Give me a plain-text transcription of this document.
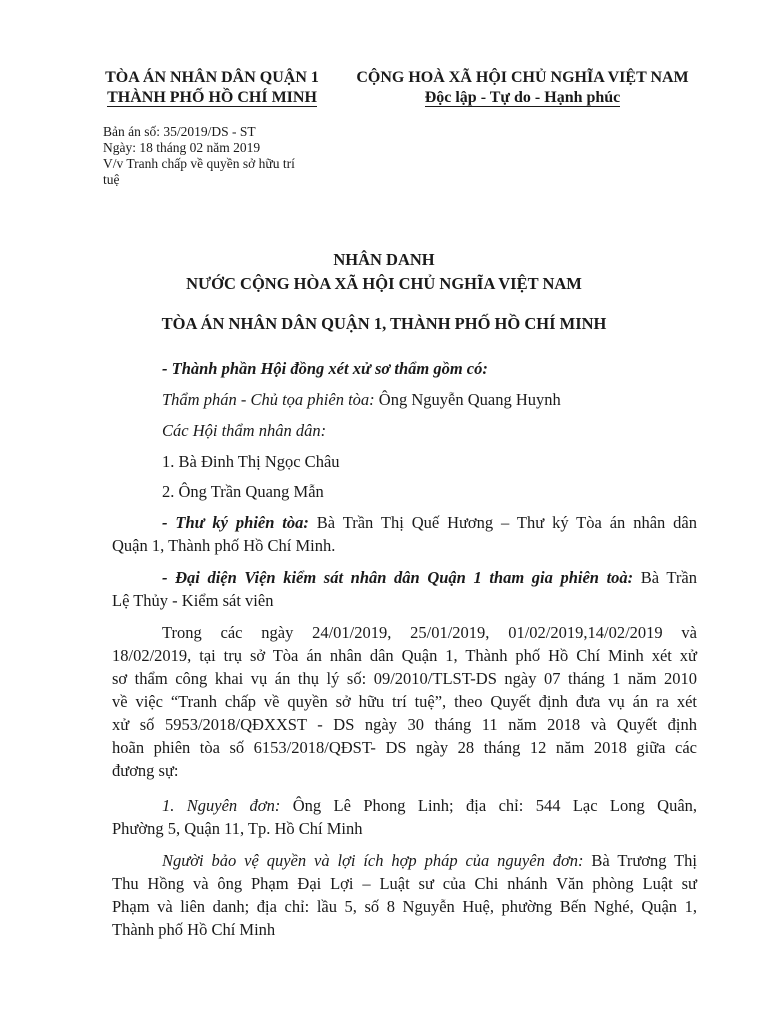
TÒA ÁN NHÂN DÂN QUẬN 1
THÀNH PHỐ HỒ CHÍ MINH
CỘNG HOÀ XÃ HỘI CHỦ NGHĨA VIỆT NAM
Độc lập - Tự do - Hạnh phúc
Bản án số: 35/2019/DS - ST
Ngày: 18 tháng 02 năm 2019
V/v Tranh chấp về quyền sở hữu trí
tuệ
NHÂN DANH
NƯỚC CỘNG HÒA XÃ HỘI CHỦ NGHĨA VIỆT NAM
TÒA ÁN NHÂN DÂN QUẬN 1, THÀNH PHỐ HỒ CHÍ MINH
- Thành phần Hội đồng xét xử sơ thẩm gồm có:
Thẩm phán - Chủ tọa phiên tòa: Ông Nguyễn Quang Huynh
Các Hội thẩm nhân dân:
1. Bà Đinh Thị Ngọc Châu
2. Ông Trần Quang Mẫn
- Thư ký phiên tòa: Bà Trần Thị Quế Hương – Thư ký Tòa án nhân dân
Quận 1, Thành phố Hồ Chí Minh.
- Đại diện Viện kiểm sát nhân dân Quận 1 tham gia phiên toà: Bà Trần
Lệ Thủy - Kiểm sát viên
Trong các ngày 24/01/2019, 25/01/2019, 01/02/2019,14/02/2019 và
18/02/2019, tại trụ sở Tòa án nhân dân Quận 1, Thành phố Hồ Chí Minh xét xử
sơ thẩm công khai vụ án thụ lý số: 09/2010/TLST-DS ngày 07 tháng 1 năm 2010
về việc “Tranh chấp về quyền sở hữu trí tuệ”, theo Quyết định đưa vụ án ra xét
xử số 5953/2018/QĐXXST - DS ngày 30 tháng 11 năm 2018 và Quyết định
hoãn phiên tòa số 6153/2018/QĐST- DS ngày 28 tháng 12 năm 2018 giữa các
đương sự:
1. Nguyên đơn: Ông Lê Phong Linh; địa chỉ: 544 Lạc Long Quân,
Phường 5, Quận 11, Tp. Hồ Chí Minh
Người bảo vệ quyền và lợi ích hợp pháp của nguyên đơn: Bà Trương Thị
Thu Hồng và ông Phạm Đại Lợi – Luật sư của Chi nhánh Văn phòng Luật sư
Phạm và liên danh; địa chỉ: lầu 5, số 8 Nguyễn Huệ, phường Bến Nghé, Quận 1,
Thành phố Hồ Chí Minh
